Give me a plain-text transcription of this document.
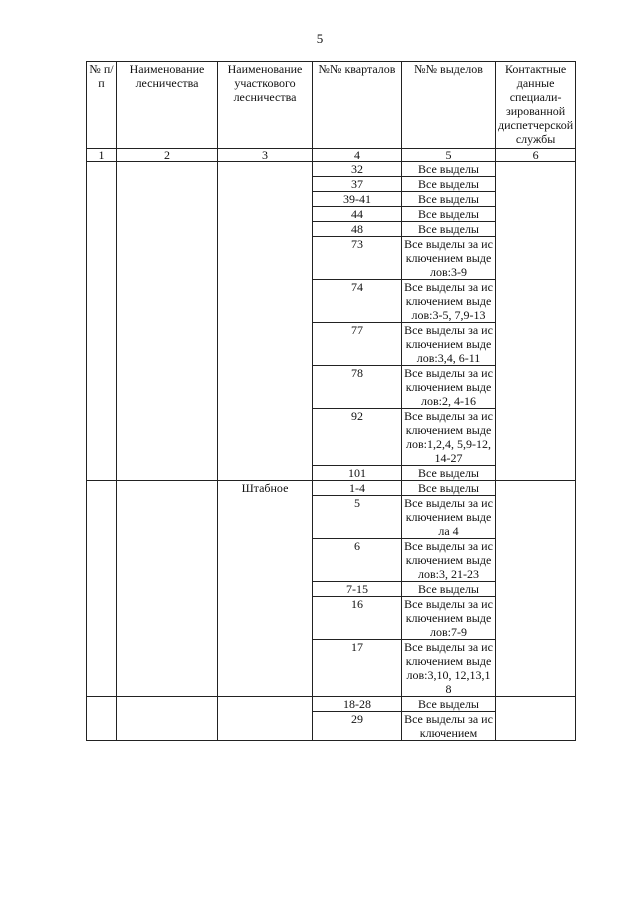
5
№ п/п	Наименование лесничества	Наименование участкового лесничества	№№ кварталов	№№ выделов	Контактные данные специали-зированной диспетчерской службы
1	2	3	4	5	6
			32	Все выделы	
			37	Все выделы	
			39-41	Все выделы	
			44	Все выделы	
			48	Все выделы	
			73	Все выделы за исключением выделов:3-9	
			74	Все выделы за исключением выделов:3-5, 7,9-13	
			77	Все выделы за исключением выделов:3,4, 6-11	
			78	Все выделы за исключением выделов:2, 4-16	
			92	Все выделы за исключением выделов:1,2,4, 5,9-12,14-27	
			101	Все выделы	
		Штабное	1-4	Все выделы	
			5	Все выделы за исключением выдела 4	
			6	Все выделы за исключением выделов:3, 21-23	
			7-15	Все выделы	
			16	Все выделы за исключением выделов:7-9	
			17	Все выделы за исключением выделов:3,10, 12,13,18	
			18-28	Все выделы	
			29	Все выделы за исключением	
